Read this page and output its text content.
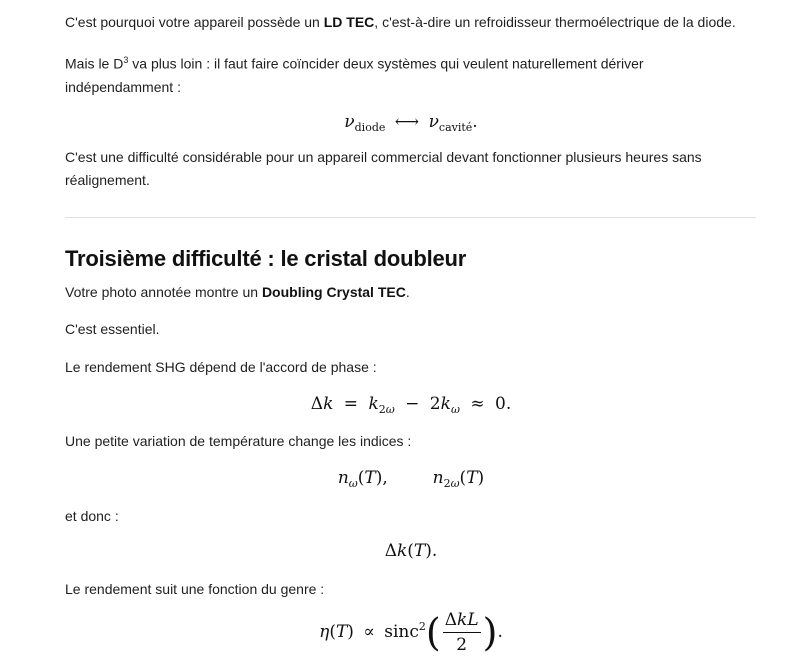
C'est pourquoi votre appareil possède un LD TEC, c'est-à-dire un refroidisseur thermoélectrique de la diode.

Mais le $D^3$ va plus loin : il faut faire coïncider deux systèmes qui veulent naturellement dériver
indépendamment :

$\nu_{diode}$ ⟷ $\nu_{cavité}$.

C'est une difficulté considérable pour un appareil commercial devant fonctionner plusieurs heures sans
réalignement.

Troisième difficulté : le cristal doubleur

Votre photo annotée montre un Doubling Crystal TEC.

C'est essentiel.

Le rendement SHG dépend de l'accord de phase :

$\Delta k = k_{2\omega} - 2k_\omega \approx 0$.

Une petite variation de température change les indices :

$n_\omega(T)$,  $n_{2\omega}(T)$

et donc :

Δk(T).

Le rendement suit une fonction du genre :

$\eta(T) \propto \sin c^2( \frac{\text{ΔkL}}{2}$ ).
